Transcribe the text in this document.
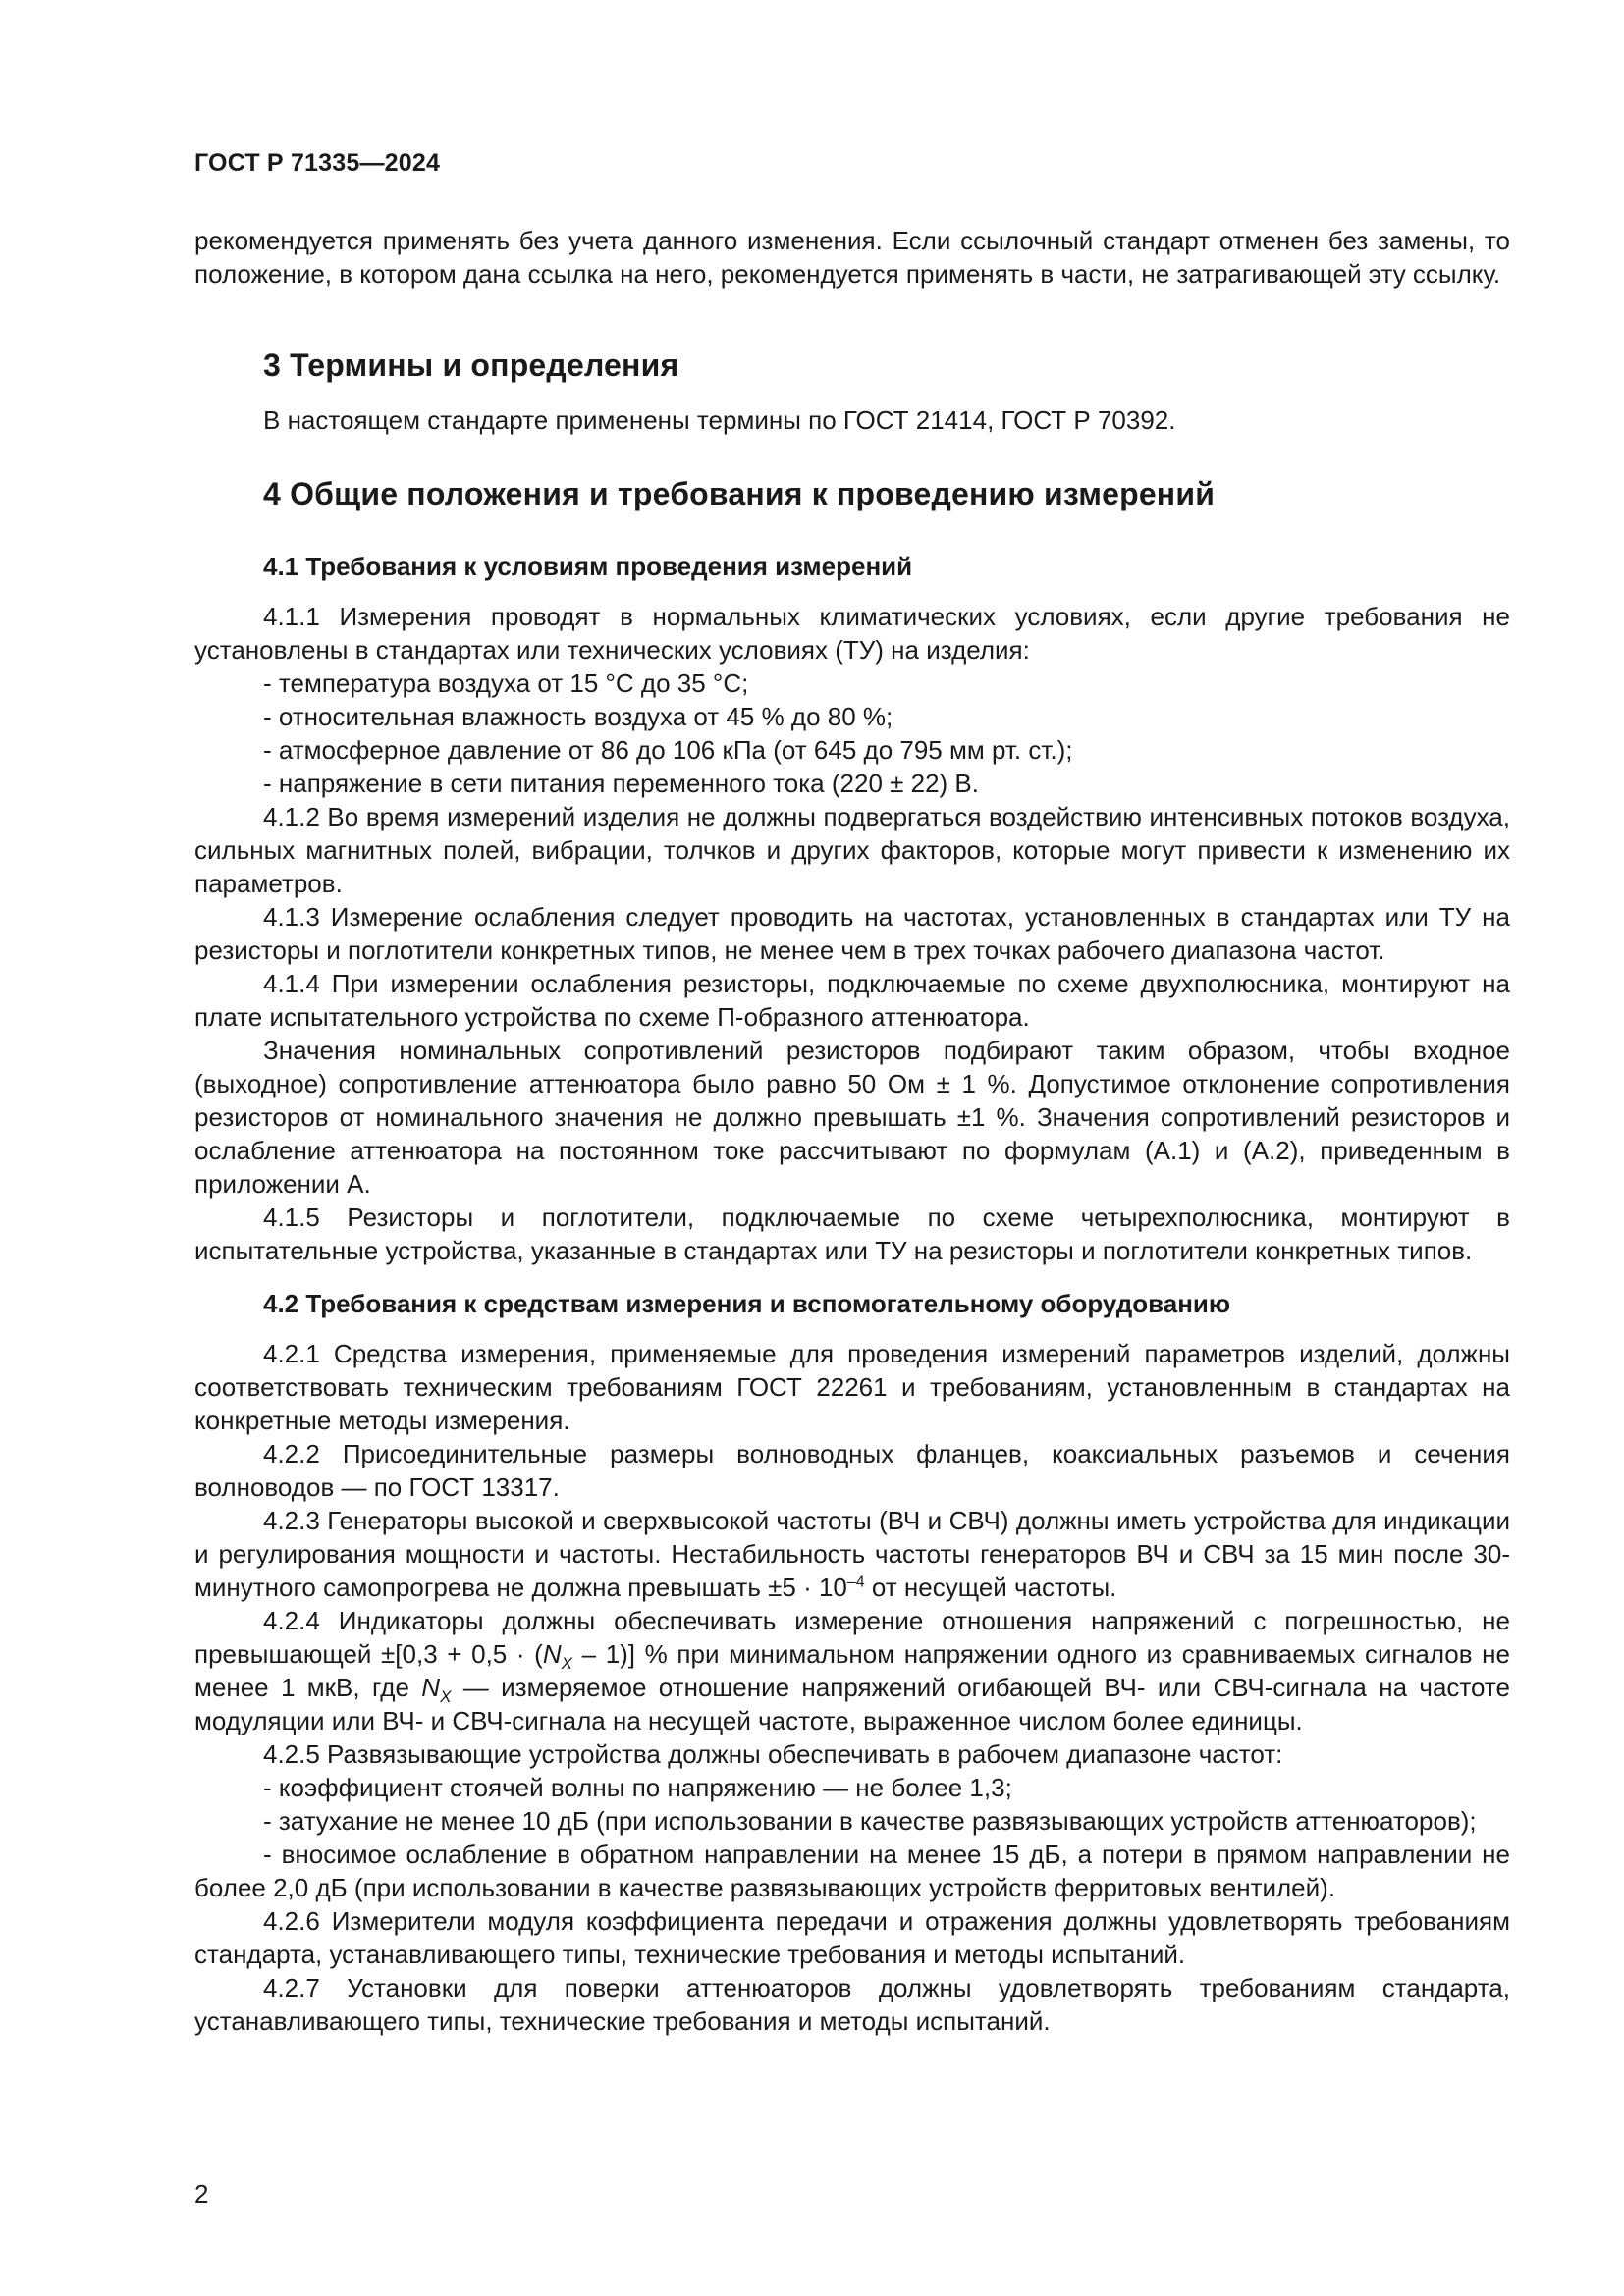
ГОСТ Р 71335—2024

рекомендуется применять без учета данного изменения. Если ссылочный стандарт отменен без замены, то положение, в котором дана ссылка на него, рекомендуется применять в части, не затрагивающей эту ссылку.

3 Термины и определения

В настоящем стандарте применены термины по ГОСТ 21414, ГОСТ Р 70392.

4 Общие положения и требования к проведению измерений
4.1 Требования к условиям проведения измерений

4.1.1 Измерения проводят в нормальных климатических условиях, если другие требования не установлены в стандартах или технических условиях (ТУ) на изделия:

- температура воздуха от 15 °С до 35 °С;

- относительная влажность воздуха от 45 % до 80 %;

- атмосферное давление от 86 до 106 кПа (от 645 до 795 мм рт. ст.);

- напряжение в сети питания переменного тока (220 ± 22) В.

4.1.2 Во время измерений изделия не должны подвергаться воздействию интенсивных потоков воздуха, сильных магнитных полей, вибрации, толчков и других факторов, которые могут привести к изменению их параметров.

4.1.3 Измерение ослабления следует проводить на частотах, установленных в стандартах или ТУ на резисторы и поглотители конкретных типов, не менее чем в трех точках рабочего диапазона частот.

4.1.4 При измерении ослабления резисторы, подключаемые по схеме двухполюсника, монтируют на плате испытательного устройства по схеме П-образного аттенюатора.

Значения номинальных сопротивлений резисторов подбирают таким образом, чтобы входное (выходное) сопротивление аттенюатора было равно 50 Ом ± 1 %. Допустимое отклонение сопротивления резисторов от номинального значения не должно превышать ±1 %. Значения сопротивлений резисторов и ослабление аттенюатора на постоянном токе рассчитывают по формулам (А.1) и (А.2), приведенным в приложении А.

4.1.5 Резисторы и поглотители, подключаемые по схеме четырехполюсника, монтируют в испытательные устройства, указанные в стандартах или ТУ на резисторы и поглотители конкретных типов.

4.2 Требования к средствам измерения и вспомогательному оборудованию

4.2.1 Средства измерения, применяемые для проведения измерений параметров изделий, должны соответствовать техническим требованиям ГОСТ 22261 и требованиям, установленным в стандартах на конкретные методы измерения.

4.2.2 Присоединительные размеры волноводных фланцев, коаксиальных разъемов и сечения волноводов — по ГОСТ 13317.

4.2.3 Генераторы высокой и сверхвысокой частоты (ВЧ и СВЧ) должны иметь устройства для индикации и регулирования мощности и частоты. Нестабильность частоты генераторов ВЧ и СВЧ за 15 мин после 30-минутного самопрогрева не должна превышать $\pm 5 \cdot 10^{-4}$ от несущей частоты.

4.2.4 Индикаторы должны обеспечивать измерение отношения напряжений с погрешностью, не превышающей $\pm[0,3 + 0,5 \cdot (N_X - 1)]$ % при минимальном напряжении одного из сравниваемых сигналов не менее 1 мкВ, где $N_X$ — измеряемое отношение напряжений огибающей ВЧ- или СВЧ-сигнала на частоте модуляции или ВЧ- и СВЧ-сигнала на несущей частоте, выраженное числом более единицы.

4.2.5 Развязывающие устройства должны обеспечивать в рабочем диапазоне частот:

- коэффициент стоячей волны по напряжению — не более 1,3;

- затухание не менее 10 дБ (при использовании в качестве развязывающих устройств аттенюаторов);

- вносимое ослабление в обратном направлении на менее 15 дБ, а потери в прямом направлении не более 2,0 дБ (при использовании в качестве развязывающих устройств ферритовых вентилей).

4.2.6 Измерители модуля коэффициента передачи и отражения должны удовлетворять требованиям стандарта, устанавливающего типы, технические требования и методы испытаний.

4.2.7 Установки для поверки аттенюаторов должны удовлетворять требованиям стандарта, устанавливающего типы, технические требования и методы испытаний.

2
